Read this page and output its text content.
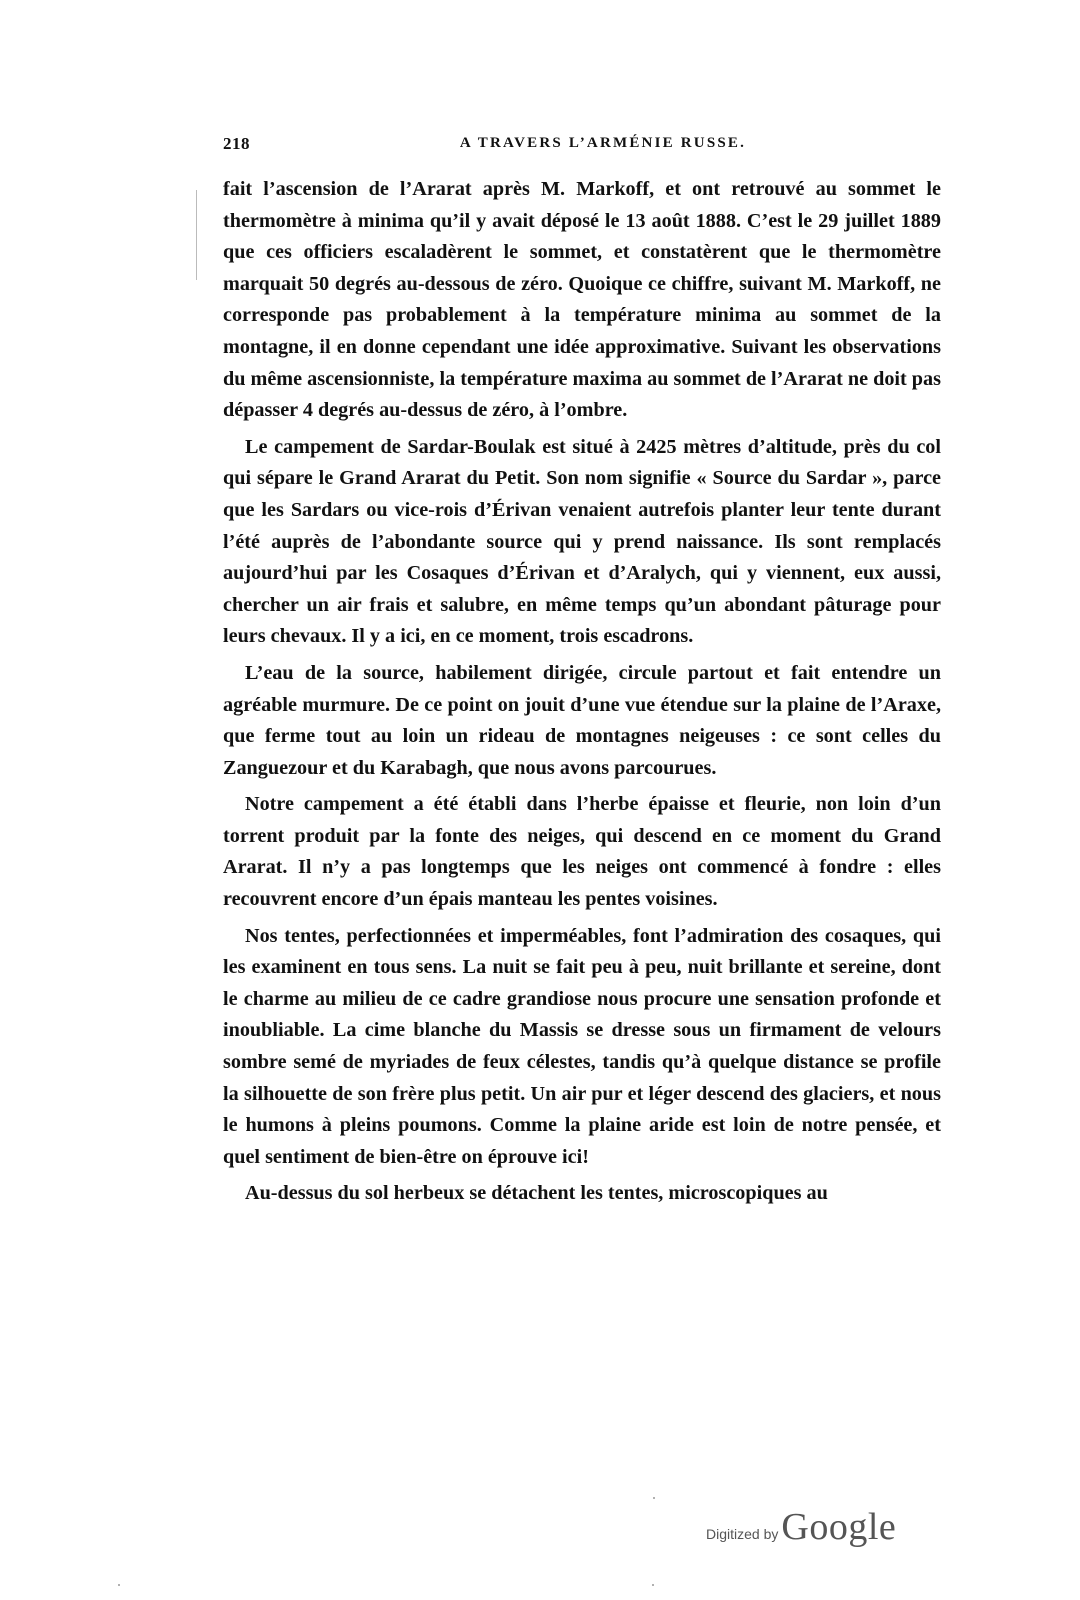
218	A TRAVERS L’ARMÉNIE RUSSE.

fait l’ascension de l’Ararat après M. Markoff, et ont retrouvé au sommet le thermomètre à minima qu’il y avait déposé le 13 août 1888. C’est le 29 juillet 1889 que ces officiers escaladèrent le sommet, et constatèrent que le thermomètre marquait 50 degrés au-dessous de zéro. Quoique ce chiffre, suivant M. Markoff, ne corresponde pas probablement à la température minima au sommet de la montagne, il en donne cependant une idée approximative. Suivant les observations du même ascensionniste, la température maxima au sommet de l’Ararat ne doit pas dépasser 4 degrés au-dessus de zéro, à l’ombre.

Le campement de Sardar-Boulak est situé à 2425 mètres d’altitude, près du col qui sépare le Grand Ararat du Petit. Son nom signifie « Source du Sardar », parce que les Sardars ou vice-rois d’Érivan venaient autrefois planter leur tente durant l’été auprès de l’abondante source qui y prend naissance. Ils sont remplacés aujourd’hui par les Cosaques d’Érivan et d’Aralych, qui y viennent, eux aussi, chercher un air frais et salubre, en même temps qu’un abondant pâturage pour leurs chevaux. Il y a ici, en ce moment, trois escadrons.

L’eau de la source, habilement dirigée, circule partout et fait entendre un agréable murmure. De ce point on jouit d’une vue étendue sur la plaine de l’Araxe, que ferme tout au loin un rideau de montagnes neigeuses : ce sont celles du Zanguezour et du Karabagh, que nous avons parcourues.

Notre campement a été établi dans l’herbe épaisse et fleurie, non loin d’un torrent produit par la fonte des neiges, qui descend en ce moment du Grand Ararat. Il n’y a pas longtemps que les neiges ont commencé à fondre : elles recouvrent encore d’un épais manteau les pentes voisines.

Nos tentes, perfectionnées et imperméables, font l’admiration des cosaques, qui les examinent en tous sens. La nuit se fait peu à peu, nuit brillante et sereine, dont le charme au milieu de ce cadre grandiose nous procure une sensation profonde et inoubliable. La cime blanche du Massis se dresse sous un firmament de velours sombre semé de myriades de feux célestes, tandis qu’à quelque distance se profile la silhouette de son frère plus petit. Un air pur et léger descend des glaciers, et nous le humons à pleins poumons. Comme la plaine aride est loin de notre pensée, et quel sentiment de bien-être on éprouve ici!

Au-dessus du sol herbeux se détachent les tentes, microscopiques au

Digitized by Google
